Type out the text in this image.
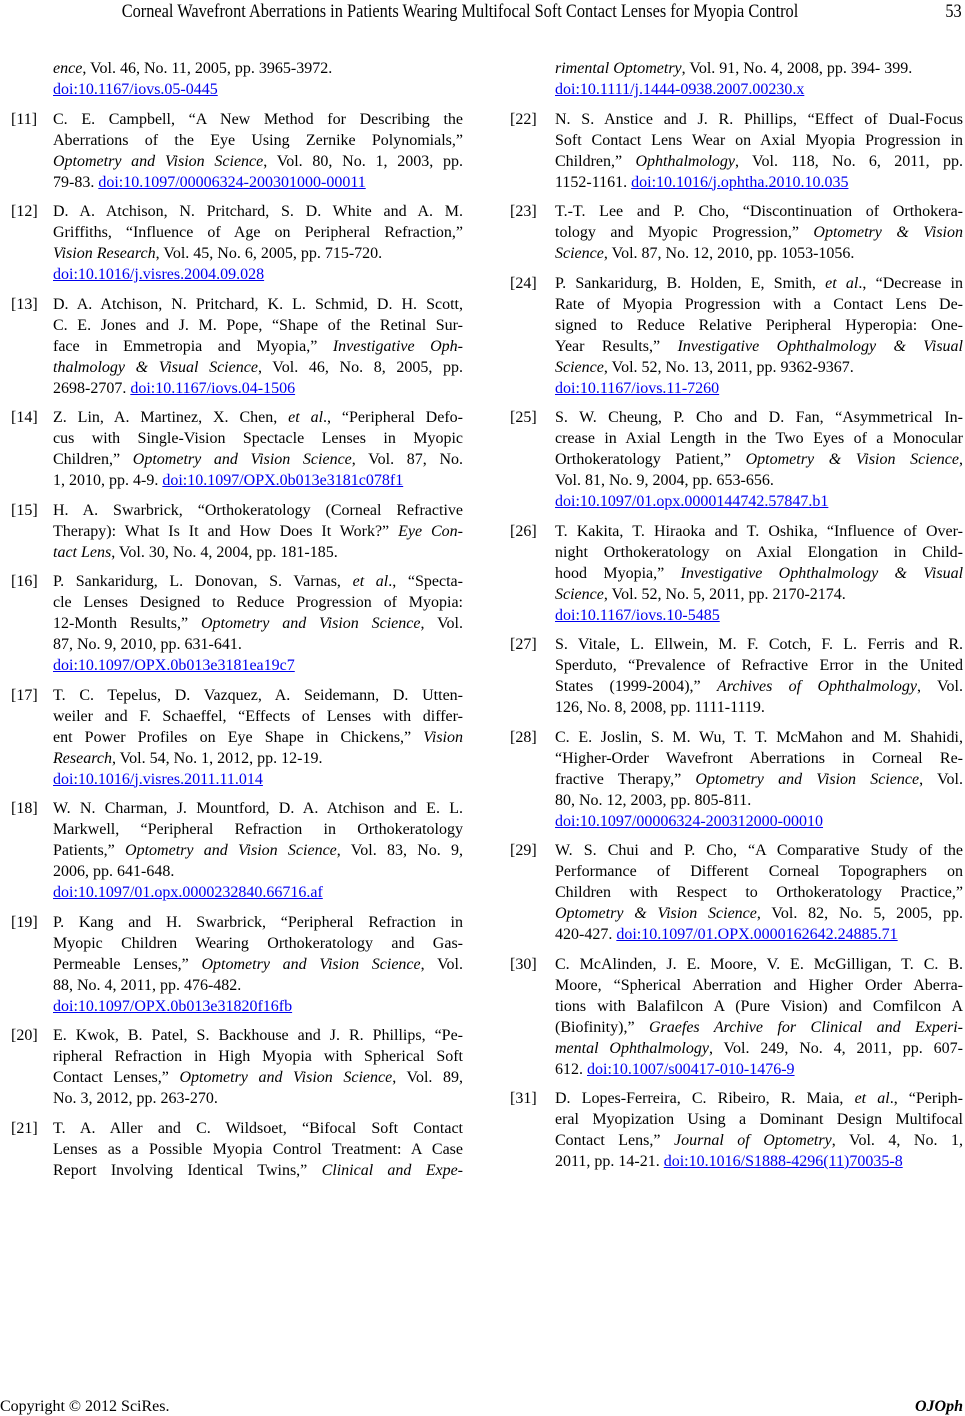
Corneal Wavefront Aberrations in Patients Wearing Multifocal Soft Contact Lenses for Myopia Control	53
ence, Vol. 46, No. 11, 2005, pp. 3965-3972.
doi:10.1167/iovs.05-0445
[11] C. E. Campbell, “A New Method for Describing the
Aberrations of the Eye Using Zernike Polynomials,”
Optometry and Vision Science, Vol. 80, No. 1, 2003, pp.
79-83. doi:10.1097/00006324-200301000-00011
[12] D. A. Atchison, N. Pritchard, S. D. White and A. M.
Griffiths, “Influence of Age on Peripheral Refraction,”
Vision Research, Vol. 45, No. 6, 2005, pp. 715-720.
doi:10.1016/j.visres.2004.09.028
[13] D. A. Atchison, N. Pritchard, K. L. Schmid, D. H. Scott,
C. E. Jones and J. M. Pope, “Shape of the Retinal Sur-
face in Emmetropia and Myopia,” Investigative Oph-
thalmology & Visual Science, Vol. 46, No. 8, 2005, pp.
2698-2707. doi:10.1167/iovs.04-1506
[14] Z. Lin, A. Martinez, X. Chen, et al., “Peripheral Defo-
cus with Single-Vision Spectacle Lenses in Myopic
Children,” Optometry and Vision Science, Vol. 87, No.
1, 2010, pp. 4-9. doi:10.1097/OPX.0b013e3181c078f1
[15] H. A. Swarbrick, “Orthokeratology (Corneal Refractive
Therapy): What Is It and How Does It Work?” Eye Con-
tact Lens, Vol. 30, No. 4, 2004, pp. 181-185.
[16] P. Sankaridurg, L. Donovan, S. Varnas, et al., “Specta-
cle Lenses Designed to Reduce Progression of Myopia:
12-Month Results,” Optometry and Vision Science, Vol.
87, No. 9, 2010, pp. 631-641.
doi:10.1097/OPX.0b013e3181ea19c7
[17] T. C. Tepelus, D. Vazquez, A. Seidemann, D. Utten-
weiler and F. Schaeffel, “Effects of Lenses with differ-
ent Power Profiles on Eye Shape in Chickens,” Vision
Research, Vol. 54, No. 1, 2012, pp. 12-19.
doi:10.1016/j.visres.2011.11.014
[18] W. N. Charman, J. Mountford, D. A. Atchison and E. L.
Markwell, “Peripheral Refraction in Orthokeratology
Patients,” Optometry and Vision Science, Vol. 83, No. 9,
2006, pp. 641-648.
doi:10.1097/01.opx.0000232840.66716.af
[19] P. Kang and H. Swarbrick, “Peripheral Refraction in
Myopic Children Wearing Orthokeratology and Gas-
Permeable Lenses,” Optometry and Vision Science, Vol.
88, No. 4, 2011, pp. 476-482.
doi:10.1097/OPX.0b013e31820f16fb
[20] E. Kwok, B. Patel, S. Backhouse and J. R. Phillips, “Pe-
ripheral Refraction in High Myopia with Spherical Soft
Contact Lenses,” Optometry and Vision Science, Vol. 89,
No. 3, 2012, pp. 263-270.
[21] T. A. Aller and C. Wildsoet, “Bifocal Soft Contact
Lenses as a Possible Myopia Control Treatment: A Case
Report Involving Identical Twins,” Clinical and Expe-
rimental Optometry, Vol. 91, No. 4, 2008, pp. 394- 399.
doi:10.1111/j.1444-0938.2007.00230.x
[22] N. S. Anstice and J. R. Phillips, “Effect of Dual-Focus
Soft Contact Lens Wear on Axial Myopia Progression in
Children,” Ophthalmology, Vol. 118, No. 6, 2011, pp.
1152-1161. doi:10.1016/j.ophtha.2010.10.035
[23] T.-T. Lee and P. Cho, “Discontinuation of Orthokera-
tology and Myopic Progression,” Optometry & Vision
Science, Vol. 87, No. 12, 2010, pp. 1053-1056.
[24] P. Sankaridurg, B. Holden, E, Smith, et al., “Decrease in
Rate of Myopia Progression with a Contact Lens De-
signed to Reduce Relative Peripheral Hyperopia: One-
Year Results,” Investigative Ophthalmology & Visual
Science, Vol. 52, No. 13, 2011, pp. 9362-9367.
doi:10.1167/iovs.11-7260
[25] S. W. Cheung, P. Cho and D. Fan, “Asymmetrical In-
crease in Axial Length in the Two Eyes of a Monocular
Orthokeratology Patient,” Optometry & Vision Science,
Vol. 81, No. 9, 2004, pp. 653-656.
doi:10.1097/01.opx.0000144742.57847.b1
[26] T. Kakita, T. Hiraoka and T. Oshika, “Influence of Over-
night Orthokeratology on Axial Elongation in Child-
hood Myopia,” Investigative Ophthalmology & Visual
Science, Vol. 52, No. 5, 2011, pp. 2170-2174.
doi:10.1167/iovs.10-5485
[27] S. Vitale, L. Ellwein, M. F. Cotch, F. L. Ferris and R.
Sperduto, “Prevalence of Refractive Error in the United
States (1999-2004),” Archives of Ophthalmology, Vol.
126, No. 8, 2008, pp. 1111-1119.
[28] C. E. Joslin, S. M. Wu, T. T. McMahon and M. Shahidi,
“Higher-Order Wavefront Aberrations in Corneal Re-
fractive Therapy,” Optometry and Vision Science, Vol.
80, No. 12, 2003, pp. 805-811.
doi:10.1097/00006324-200312000-00010
[29] W. S. Chui and P. Cho, “A Comparative Study of the
Performance of Different Corneal Topographers on
Children with Respect to Orthokeratology Practice,”
Optometry & Vision Science, Vol. 82, No. 5, 2005, pp.
420-427. doi:10.1097/01.OPX.0000162642.24885.71
[30] C. McAlinden, J. E. Moore, V. E. McGilligan, T. C. B.
Moore, “Spherical Aberration and Higher Order Aberra-
tions with Balafilcon A (Pure Vision) and Comfilcon A
(Biofinity),” Graefes Archive for Clinical and Experi-
mental Ophthalmology, Vol. 249, No. 4, 2011, pp. 607-
612. doi:10.1007/s00417-010-1476-9
[31] D. Lopes-Ferreira, C. Ribeiro, R. Maia, et al., “Periph-
eral Myopization Using a Dominant Design Multifocal
Contact Lens,” Journal of Optometry, Vol. 4, No. 1,
2011, pp. 14-21. doi:10.1016/S1888-4296(11)70035-8
Copyright © 2012 SciRes.	OJOph
